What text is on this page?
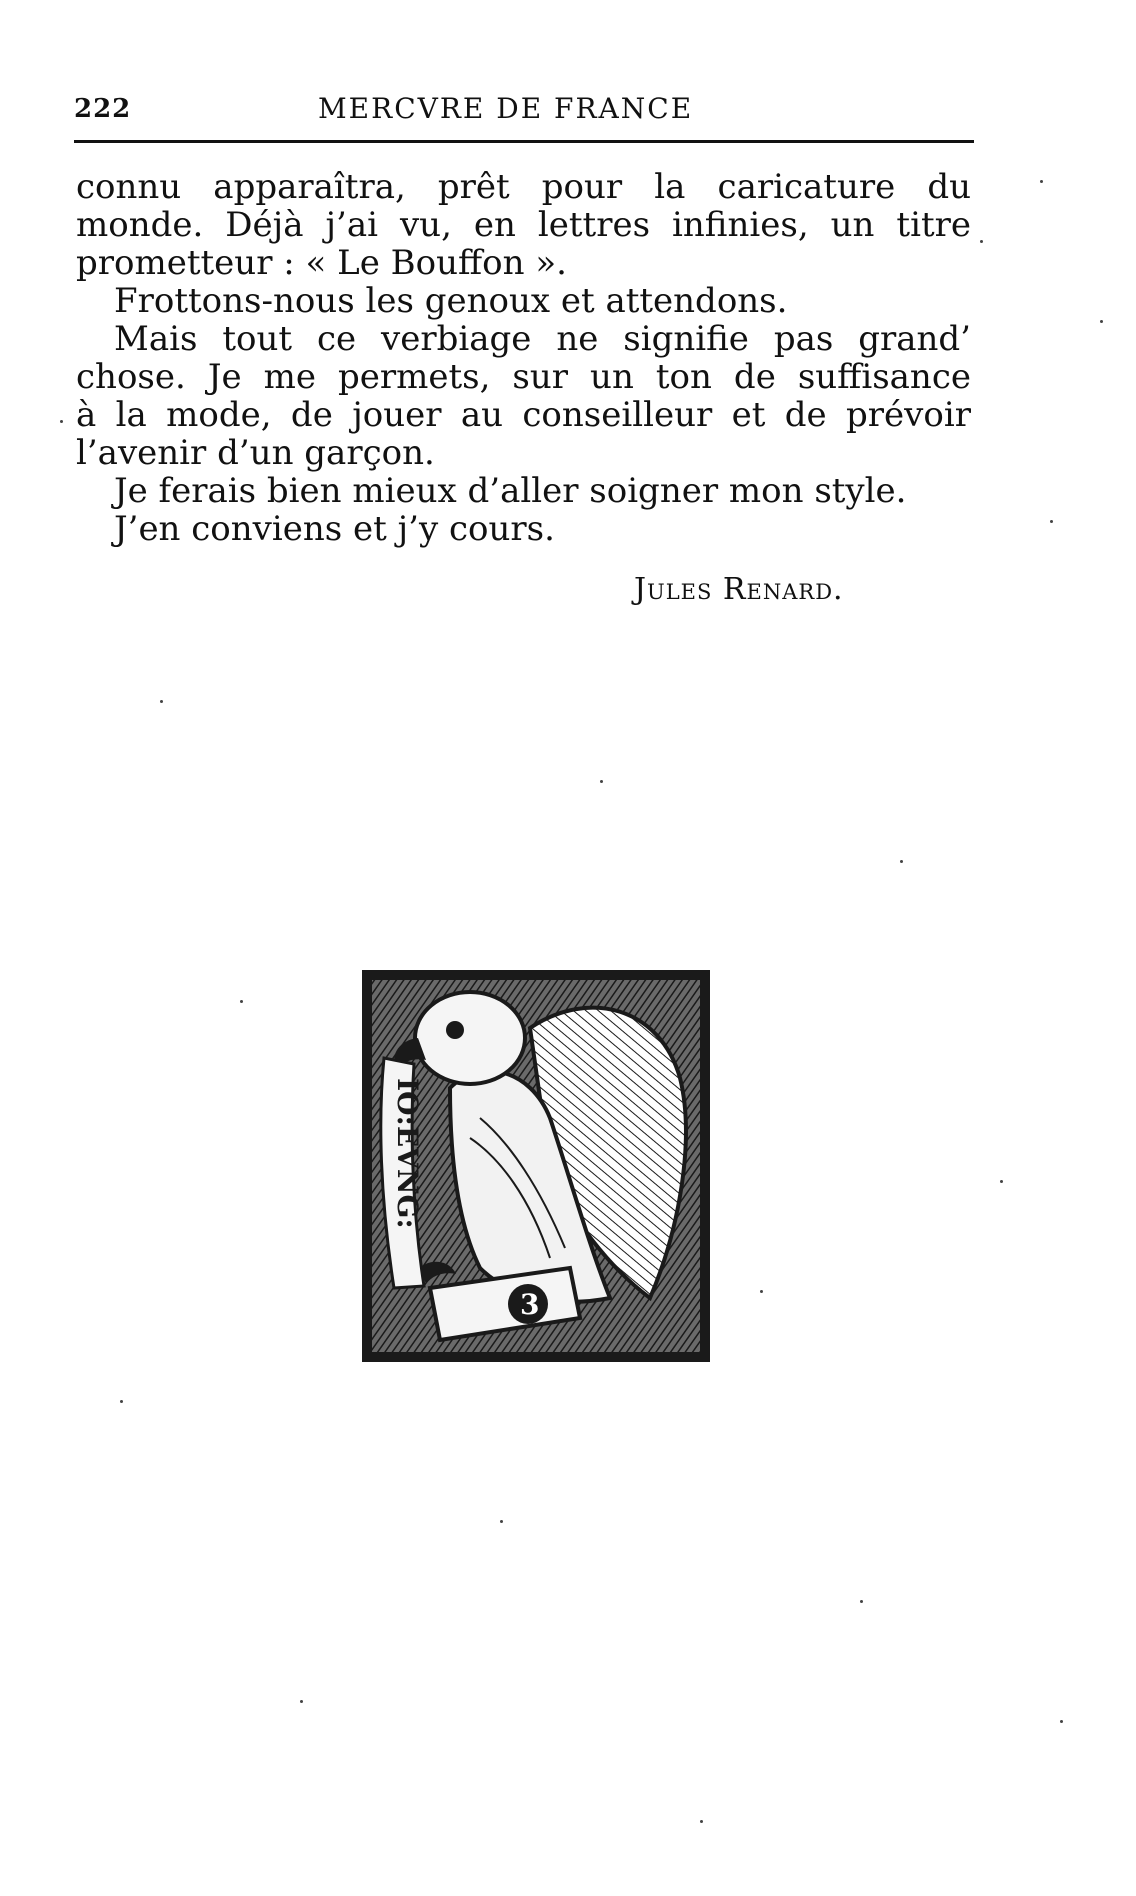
222	MERCVRE DE FRANCE
connu apparaîtra, prêt pour la caricature du
monde. Déjà j’ai vu, en lettres infinies, un titre
prometteur : « Le Bouffon ».
Frottons-nous les genoux et attendons.
Mais tout ce verbiage ne signifie pas grand’
chose. Je me permets, sur un ton de suffisance
à la mode, de jouer au conseilleur et de prévoir
l’avenir d’un garçon.
Je ferais bien mieux d’aller soigner mon style.
J’en conviens et j’y cours.
Jules Renard.
IO:EVNG:
3
